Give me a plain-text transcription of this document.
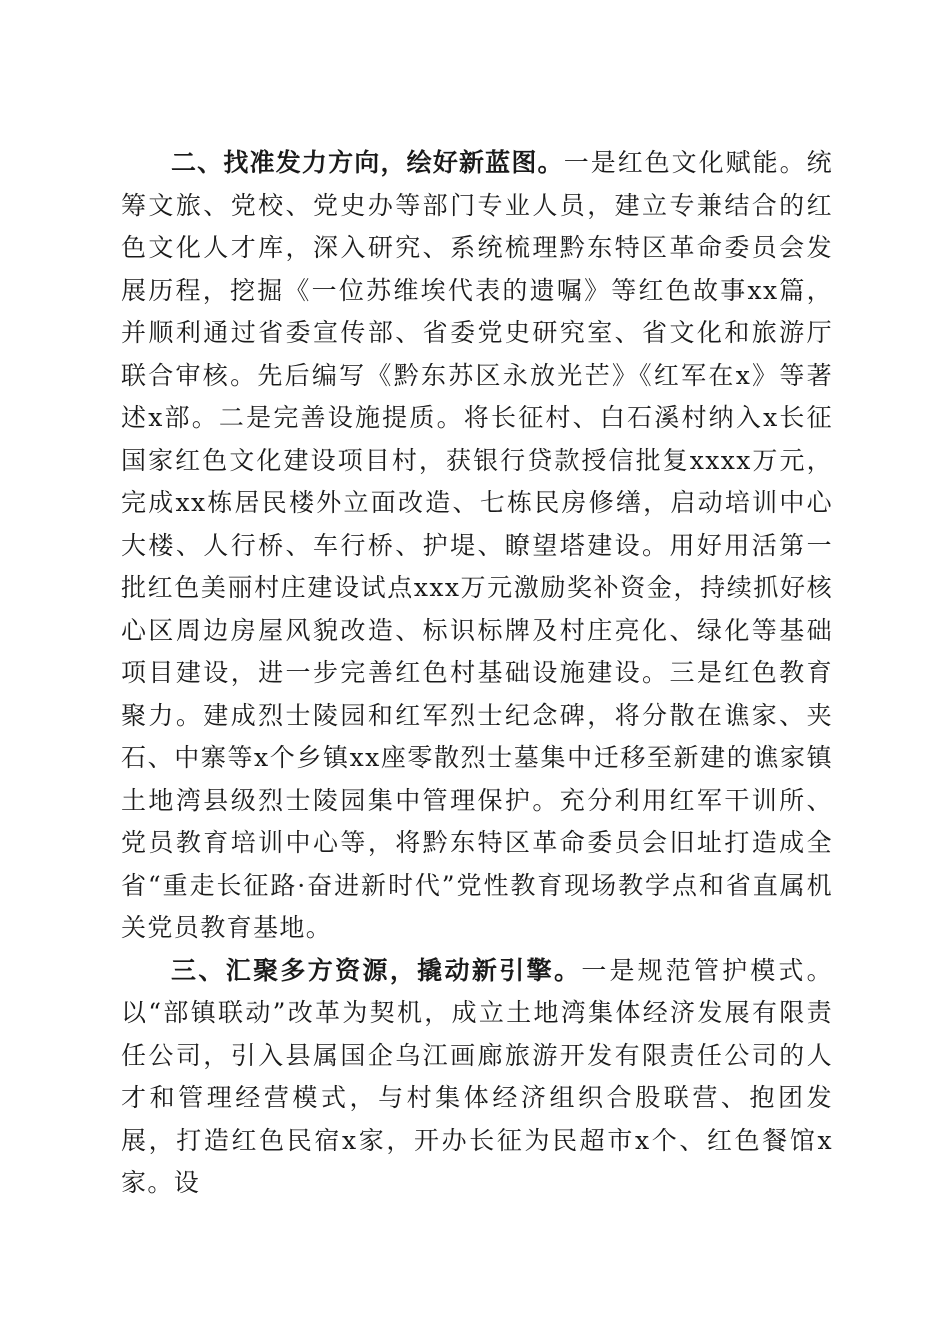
二、找准发力方向，绘好新蓝图。一是红色文化赋能。统筹文旅、党校、党史办等部门专业人员，建立专兼结合的红色文化人才库，深入研究、系统梳理黔东特区革命委员会发展历程，挖掘《一位苏维埃代表的遗嘱》等红色故事xx篇，并顺利通过省委宣传部、省委党史研究室、省文化和旅游厅联合审核。先后编写《黔东苏区永放光芒》《红军在x》等著述x部。二是完善设施提质。将长征村、白石溪村纳入x长征国家红色文化建设项目村，获银行贷款授信批复xxxx万元，完成xx栋居民楼外立面改造、七栋民房修缮，启动培训中心大楼、人行桥、车行桥、护堤、瞭望塔建设。用好用活第一批红色美丽村庄建设试点xxx万元激励奖补资金，持续抓好核心区周边房屋风貌改造、标识标牌及村庄亮化、绿化等基础项目建设，进一步完善红色村基础设施建设。三是红色教育聚力。建成烈士陵园和红军烈士纪念碑，将分散在谯家、夹石、中寨等x个乡镇xx座零散烈士墓集中迁移至新建的谯家镇土地湾县级烈士陵园集中管理保护。充分利用红军干训所、党员教育培训中心等，将黔东特区革命委员会旧址打造成全省“重走长征路·奋进新时代”党性教育现场教学点和省直属机关党员教育基地。

三、汇聚多方资源，撬动新引擎。一是规范管护模式。以“部镇联动”改革为契机，成立土地湾集体经济发展有限责任公司，引入县属国企乌江画廊旅游开发有限责任公司的人才和管理经营模式，与村集体经济组织合股联营、抱团发展，打造红色民宿x家，开办长征为民超市x个、红色餐馆x家。设
